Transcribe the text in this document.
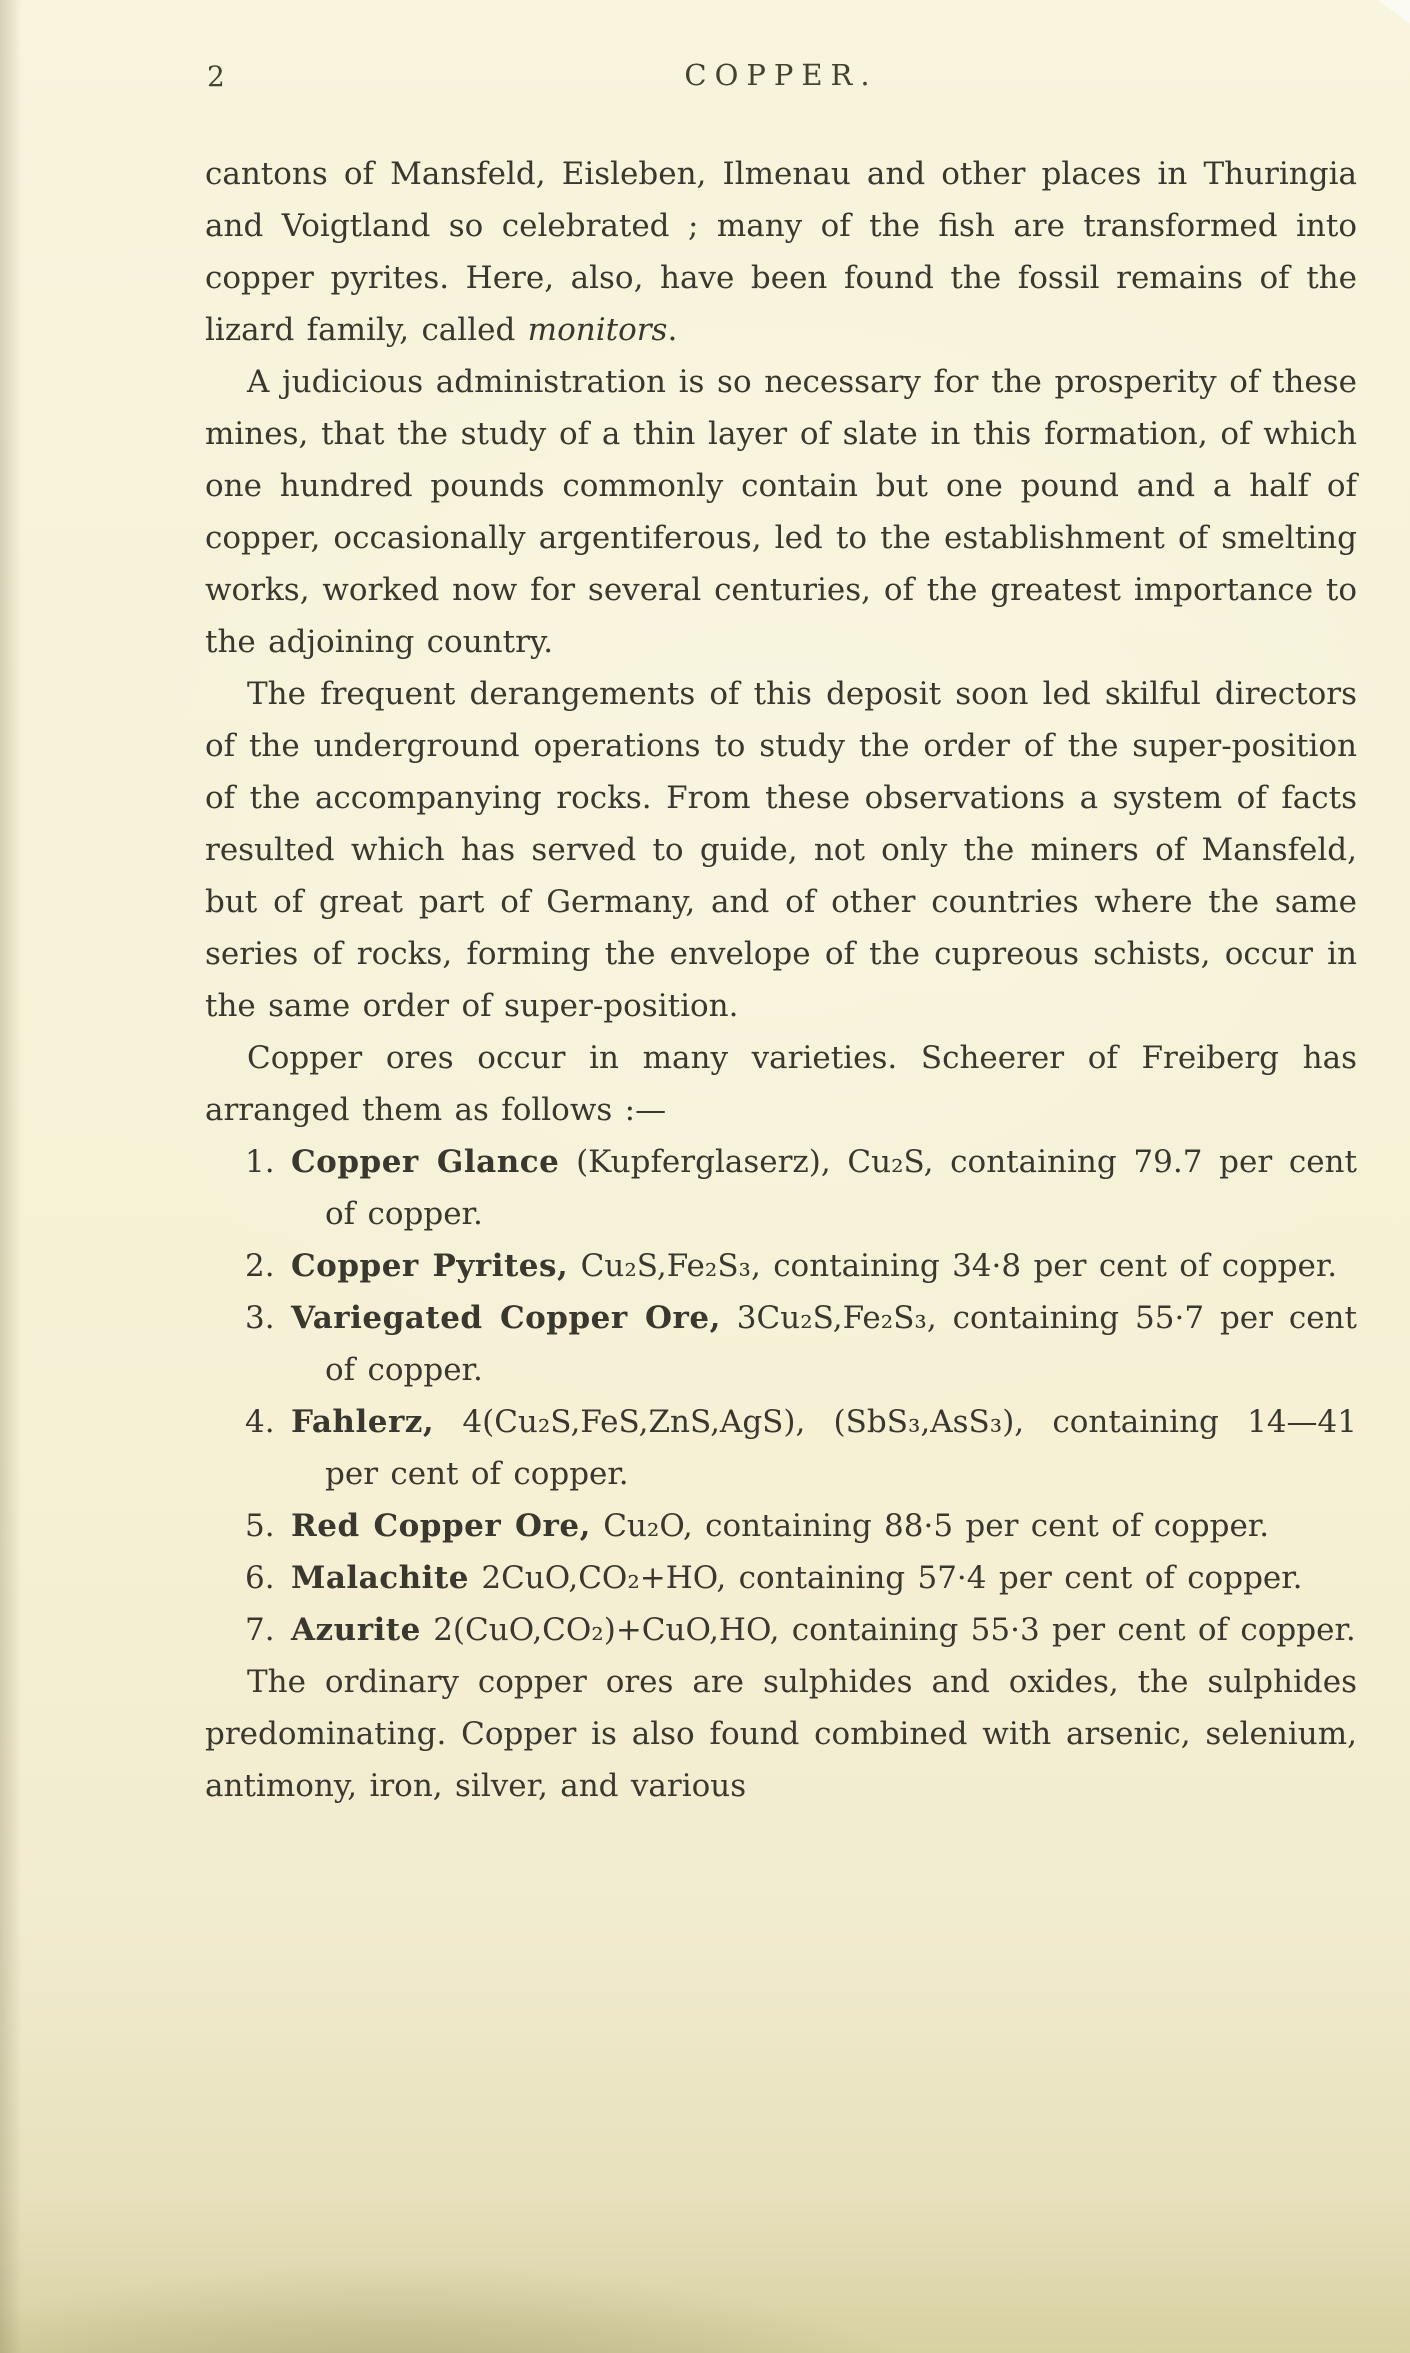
2	COPPER.

cantons of Mansfeld, Eisleben, Ilmenau and other places in Thuringia and Voigtland so celebrated ; many of the fish are transformed into copper pyrites. Here, also, have been found the fossil remains of the lizard family, called monitors.

A judicious administration is so necessary for the prosperity of these mines, that the study of a thin layer of slate in this formation, of which one hundred pounds commonly contain but one pound and a half of copper, occasionally argentiferous, led to the establishment of smelting works, worked now for several centuries, of the greatest importance to the adjoining country.

The frequent derangements of this deposit soon led skilful directors of the underground operations to study the order of the super-position of the accompanying rocks. From these observations a system of facts resulted which has served to guide, not only the miners of Mansfeld, but of great part of Germany, and of other countries where the same series of rocks, forming the envelope of the cupreous schists, occur in the same order of super-position.

Copper ores occur in many varieties. Scheerer of Freiberg has arranged them as follows :—

1. Copper Glance (Kupferglaserz), Cu₂S, containing 79.7 per cent of copper.
2. Copper Pyrites, Cu₂S,Fe₂S₃, containing 34·8 per cent of copper.
3. Variegated Copper Ore, 3Cu₂S,Fe₂S₃, containing 55·7 per cent of copper.
4. Fahlerz, 4(Cu₂S,FeS,ZnS,AgS), (SbS₃,AsS₃), containing 14—41 per cent of copper.
5. Red Copper Ore, Cu₂O, containing 88·5 per cent of copper.
6. Malachite 2CuO,CO₂+HO, containing 57·4 per cent of copper.
7. Azurite 2(CuO,CO₂)+CuO,HO, containing 55·3 per cent of copper.

The ordinary copper ores are sulphides and oxides, the sulphides predominating. Copper is also found combined with arsenic, selenium, antimony, iron, silver, and various
